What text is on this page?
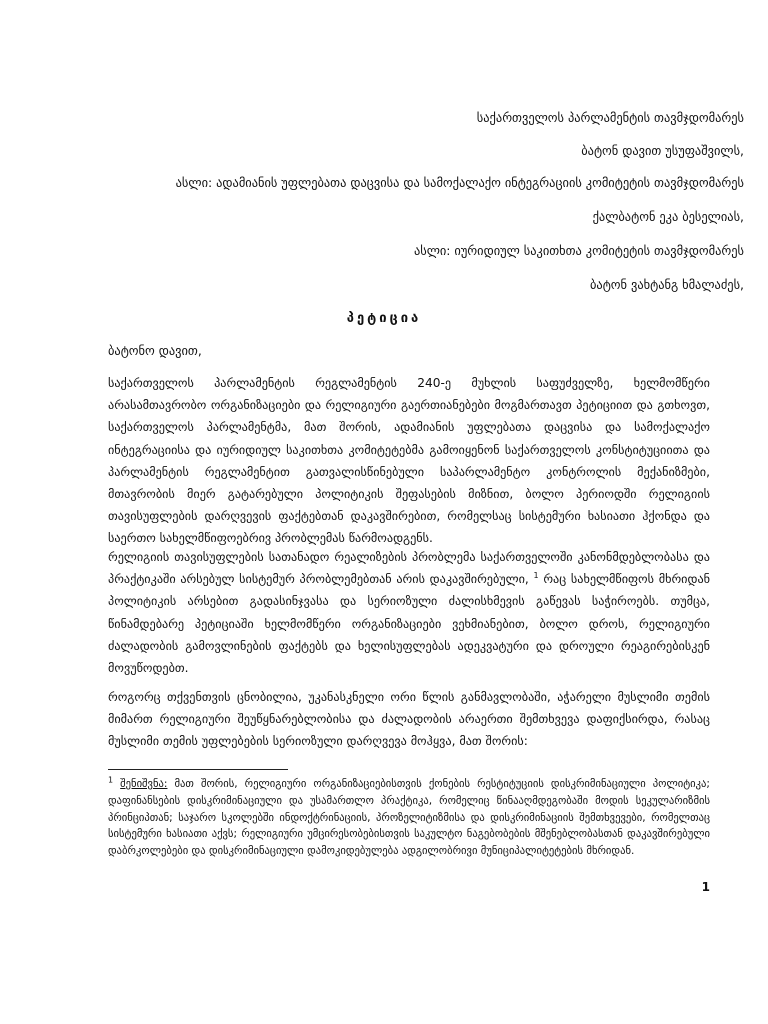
საქართველოს პარლამენტის თავმჯდომარეს
ბატონ დავით უსუფაშვილს,
ასლი: ადამიანის უფლებათა დაცვისა და სამოქალაქო ინტეგრაციის კომიტეტის თავმჯდომარეს
ქალბატონ ეკა ბესელიას,
ასლი: იურიდიულ საკითხთა კომიტეტის თავმჯდომარეს
ბატონ ვახტანგ ხმალაძეს,
პეტიცია
ბატონო დავით,
საქართველოს პარლამენტის რეგლამენტის 240-ე მუხლის საფუძველზე, ხელმომწერი არასამთავრობო ორგანიზაციები და რელიგიური გაერთიანებები მოგმართავთ პეტიციით და გთხოვთ, საქართველოს პარლამენტმა, მათ შორის, ადამიანის უფლებათა დაცვისა და სამოქალაქო ინტეგრაციისა და იურიდიულ საკითხთა კომიტეტებმა გამოიყენონ საქართველოს კონსტიტუციითა და პარლამენტის რეგლამენტით გათვალისწინებული საპარლამენტო კონტროლის მექანიზმები, მთავრობის მიერ გატარებული პოლიტიკის შეფასების მიზნით, ბოლო პერიოდში რელიგიის თავისუფლების დარღვევის ფაქტებთან დაკავშირებით, რომელსაც სისტემური ხასიათი ჰქონდა და საერთო სახელმწიფოებრივ პრობლემას წარმოადგენს.
რელიგიის თავისუფლების სათანადო რეალიზების პრობლემა საქართველოში კანონმდებლობასა და პრაქტიკაში არსებულ სისტემურ პრობლემებთან არის დაკავშირებული, $^1$ რაც სახელმწიფოს მხრიდან პოლიტიკის არსებით გადასინჯვასა და სერიოზული ძალისხმევის გაწევას საჭიროებს. თუმცა, წინამდებარე პეტიციაში ხელმომწერი ორგანიზაციები ვეხმიანებით, ბოლო დროს, რელიგიური ძალადობის გამოვლინების ფაქტებს და ხელისუფლებას ადეკვატური და დროული რეაგირებისკენ მოვუწოდებთ.
როგორც თქვენთვის ცნობილია, უკანასკნელი ორი წლის განმავლობაში, აჭარელი მუსლიმი თემის მიმართ რელიგიური შეუწყნარებლობისა და ძალადობის არაერთი შემთხვევა დაფიქსირდა, რასაც მუსლიმი თემის უფლებების სერიოზული დარღვევა მოჰყვა, მათ შორის:
$^1$ შენიშვნა: მათ შორის, რელიგიური ორგანიზაციებისთვის ქონების რესტიტუციის დისკრიმინაციული პოლიტიკა; დაფინანსების დისკრიმინაციული და უსამართლო პრაქტიკა, რომელიც წინააღმდეგობაში მოდის სეკულარიზმის პრინციპთან; საჯარო სკოლებში ინდოქტრინაციის, პროზელიტიზმისა და დისკრიმინაციის შემთხვევები, რომელთაც სისტემური ხასიათი აქვს; რელიგიური უმცირესობებისთვის საკულტო ნაგებობების მშენებლობასთან დაკავშირებული დაბრკოლებები და დისკრიმინაციული დამოკიდებულება ადგილობრივი მუნიციპალიტეტების მხრიდან.
1
